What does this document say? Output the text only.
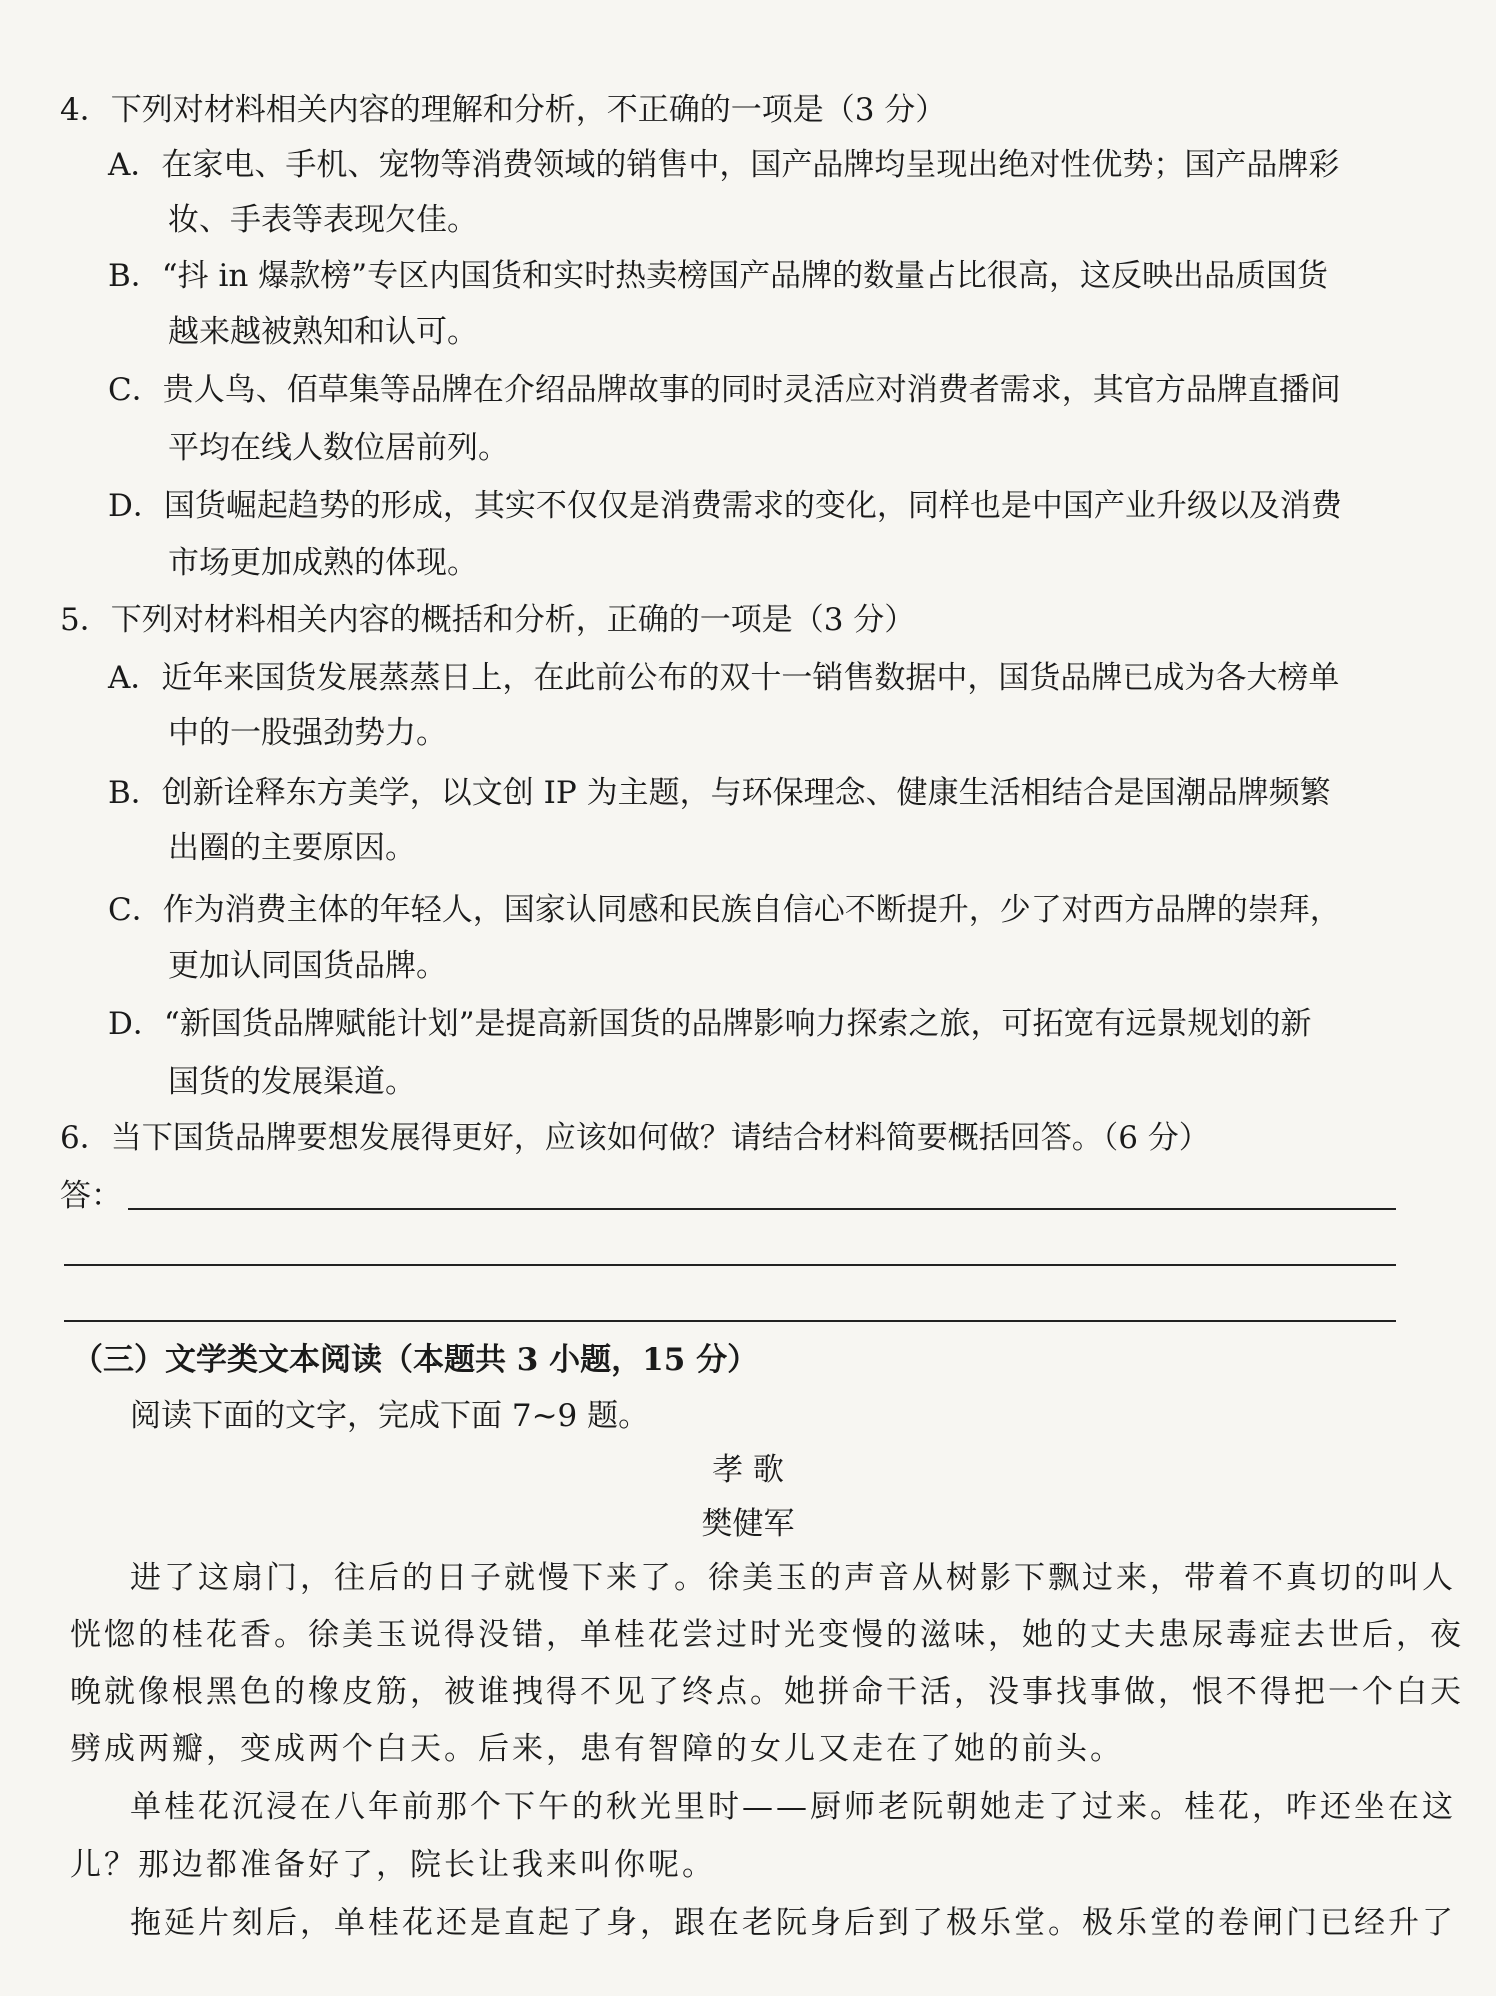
4．下列对材料相关内容的理解和分析，不正确的一项是（3 分）
A．在家电、手机、宠物等消费领域的销售中，国产品牌均呈现出绝对性优势；国产品牌彩
妆、手表等表现欠佳。
B．“抖 in 爆款榜”专区内国货和实时热卖榜国产品牌的数量占比很高，这反映出品质国货
越来越被熟知和认可。
C．贵人鸟、佰草集等品牌在介绍品牌故事的同时灵活应对消费者需求，其官方品牌直播间
平均在线人数位居前列。
D．国货崛起趋势的形成，其实不仅仅是消费需求的变化，同样也是中国产业升级以及消费
市场更加成熟的体现。
5．下列对材料相关内容的概括和分析，正确的一项是（3 分）
A．近年来国货发展蒸蒸日上，在此前公布的双十一销售数据中，国货品牌已成为各大榜单
中的一股强劲势力。
B．创新诠释东方美学，以文创 IP 为主题，与环保理念、健康生活相结合是国潮品牌频繁
出圈的主要原因。
C．作为消费主体的年轻人，国家认同感和民族自信心不断提升，少了对西方品牌的崇拜，
更加认同国货品牌。
D．“新国货品牌赋能计划”是提高新国货的品牌影响力探索之旅，可拓宽有远景规划的新
国货的发展渠道。
6．当下国货品牌要想发展得更好，应该如何做？请结合材料简要概括回答。（6 分）
答：
（三）文学类文本阅读（本题共 3 小题，15 分）
阅读下面的文字，完成下面 7~9 题。
孝 歌
樊健军
进了这扇门，往后的日子就慢下来了。徐美玉的声音从树影下飘过来，带着不真切的叫人
恍惚的桂花香。徐美玉说得没错，单桂花尝过时光变慢的滋味，她的丈夫患尿毒症去世后，夜
晚就像根黑色的橡皮筋，被谁拽得不见了终点。她拼命干活，没事找事做，恨不得把一个白天
劈成两瓣，变成两个白天。后来，患有智障的女儿又走在了她的前头。
单桂花沉浸在八年前那个下午的秋光里时——厨师老阮朝她走了过来。桂花，咋还坐在这
儿？那边都准备好了，院长让我来叫你呢。
拖延片刻后，单桂花还是直起了身，跟在老阮身后到了极乐堂。极乐堂的卷闸门已经升了
